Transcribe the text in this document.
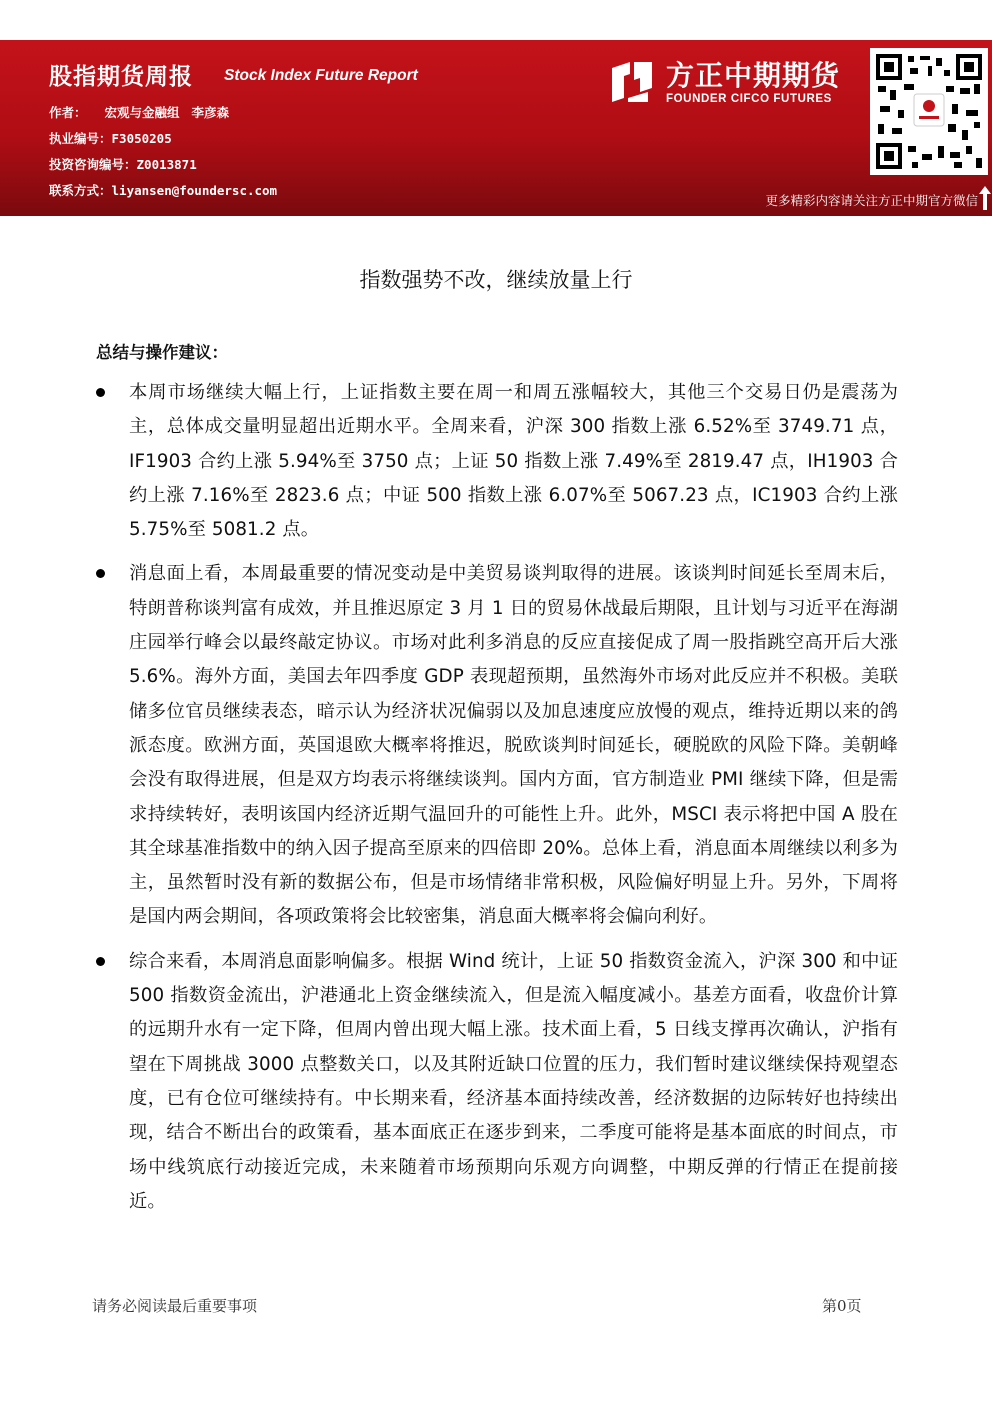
股指期货周报 Stock Index Future Report
作者： 宏观与金融组 李彦森
执业编号：F3050205
投资咨询编号：Z0013871
联系方式：liyansen@foundersc.com
方正中期期货
FOUNDER CIFCO FUTURES
更多精彩内容请关注方正中期官方微信
指数强势不改，继续放量上行
总结与操作建议：
本周市场继续大幅上行，上证指数主要在周一和周五涨幅较大，其他三个交易日仍是震荡为主，总体成交量明显超出近期水平。全周来看，沪深 300 指数上涨 6.52%至 3749.71 点，IF1903 合约上涨 5.94%至 3750 点；上证 50 指数上涨 7.49%至 2819.47 点，IH1903 合约上涨 7.16%至 2823.6 点；中证 500 指数上涨 6.07%至 5067.23 点，IC1903 合约上涨 5.75%至 5081.2 点。
消息面上看，本周最重要的情况变动是中美贸易谈判取得的进展。该谈判时间延长至周末后，特朗普称谈判富有成效，并且推迟原定 3 月 1 日的贸易休战最后期限，且计划与习近平在海湖庄园举行峰会以最终敲定协议。市场对此利多消息的反应直接促成了周一股指跳空高开后大涨 5.6%。海外方面，美国去年四季度 GDP 表现超预期，虽然海外市场对此反应并不积极。美联储多位官员继续表态，暗示认为经济状况偏弱以及加息速度应放慢的观点，维持近期以来的鸽派态度。欧洲方面，英国退欧大概率将推迟，脱欧谈判时间延长，硬脱欧的风险下降。美朝峰会没有取得进展，但是双方均表示将继续谈判。国内方面，官方制造业 PMI 继续下降，但是需求持续转好，表明该国内经济近期气温回升的可能性上升。此外，MSCI 表示将把中国 A 股在其全球基准指数中的纳入因子提高至原来的四倍即 20%。总体上看，消息面本周继续以利多为主，虽然暂时没有新的数据公布，但是市场情绪非常积极，风险偏好明显上升。另外，下周将是国内两会期间，各项政策将会比较密集，消息面大概率将会偏向利好。
综合来看，本周消息面影响偏多。根据 Wind 统计，上证 50 指数资金流入，沪深 300 和中证 500 指数资金流出，沪港通北上资金继续流入，但是流入幅度减小。基差方面看，收盘价计算的远期升水有一定下降，但周内曾出现大幅上涨。技术面上看，5 日线支撑再次确认，沪指有望在下周挑战 3000 点整数关口，以及其附近缺口位置的压力，我们暂时建议继续保持观望态度，已有仓位可继续持有。中长期来看，经济基本面持续改善，经济数据的边际转好也持续出现，结合不断出台的政策看，基本面底正在逐步到来，二季度可能将是基本面底的时间点，市场中线筑底行动接近完成，未来随着市场预期向乐观方向调整，中期反弹的行情正在提前接近。
请务必阅读最后重要事项	第0页
